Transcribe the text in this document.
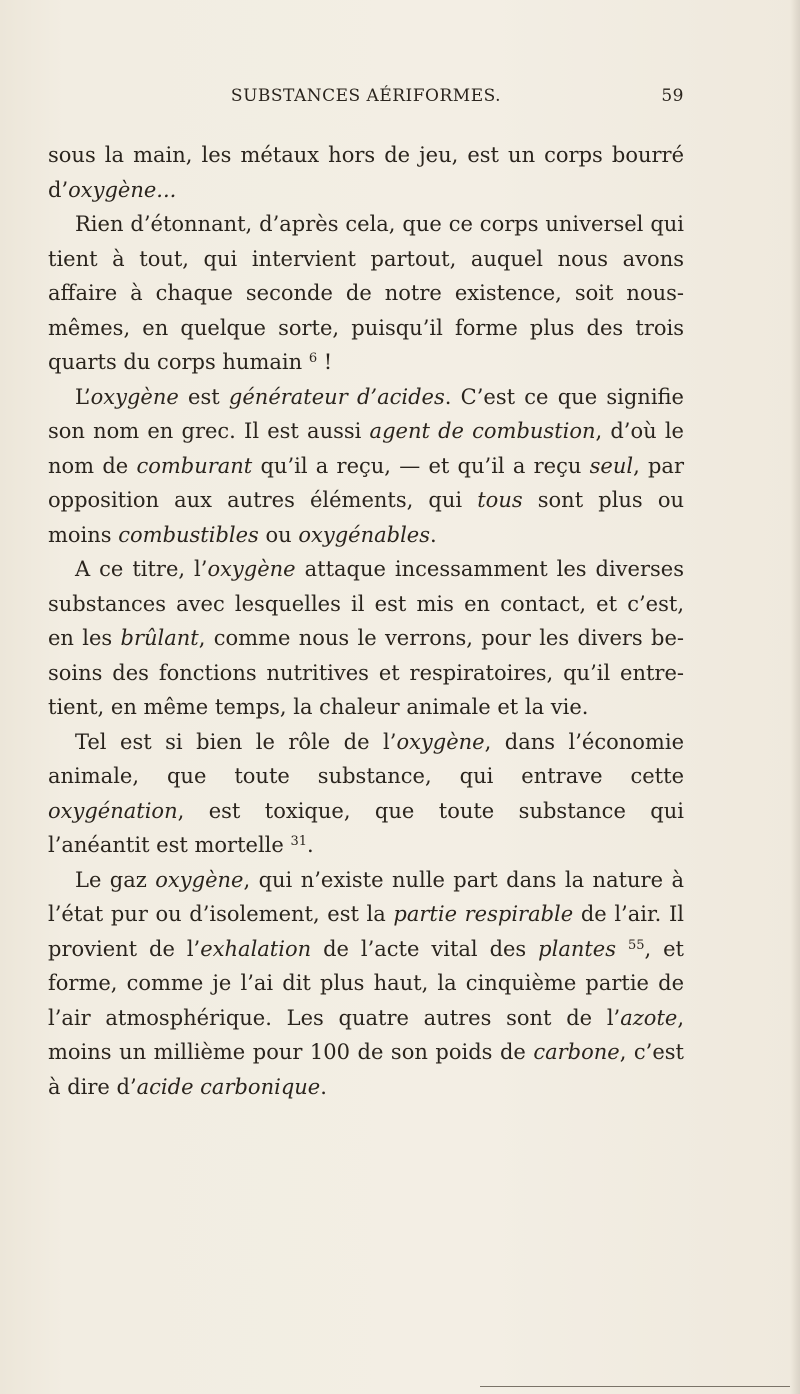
SUBSTANCES AÉRIFORMES.	59

sous la main, les métaux hors de jeu, est un corps bourré d’oxygène...

Rien d’étonnant, d’après cela, que ce corps universel qui tient à tout, qui intervient partout, auquel nous avons affaire à chaque seconde de notre existence, soit nous-mêmes, en quelque sorte, puisqu’il forme plus des trois quarts du corps humain $^6$ !

L’oxygène est générateur d’acides. C’est ce que signifie son nom en grec. Il est aussi agent de combustion, d’où le nom de comburant qu’il a reçu, — et qu’il a reçu seul, par opposition aux autres éléments, qui tous sont plus ou moins combustibles ou oxygénables.

A ce titre, l’oxygène attaque incessamment les diverses substances avec lesquelles il est mis en contact, et c’est, en les brûlant, comme nous le verrons, pour les divers be-soins des fonctions nutritives et respiratoires, qu’il entre-tient, en même temps, la chaleur animale et la vie.

Tel est si bien le rôle de l’oxygène, dans l’économie animale, que toute substance, qui entrave cette oxygénation, est toxique, que toute substance qui l’anéantit est mortelle $^{31}$.

Le gaz oxygène, qui n’existe nulle part dans la nature à l’état pur ou d’isolement, est la partie respirable de l’air. Il provient de l’exhalation de l’acte vital des plantes $^{55}$, et forme, comme je l’ai dit plus haut, la cinquième partie de l’air atmosphérique. Les quatre autres sont de l’azote, moins un millième pour 100 de son poids de carbone, c’est à dire d’acide carbonique.
